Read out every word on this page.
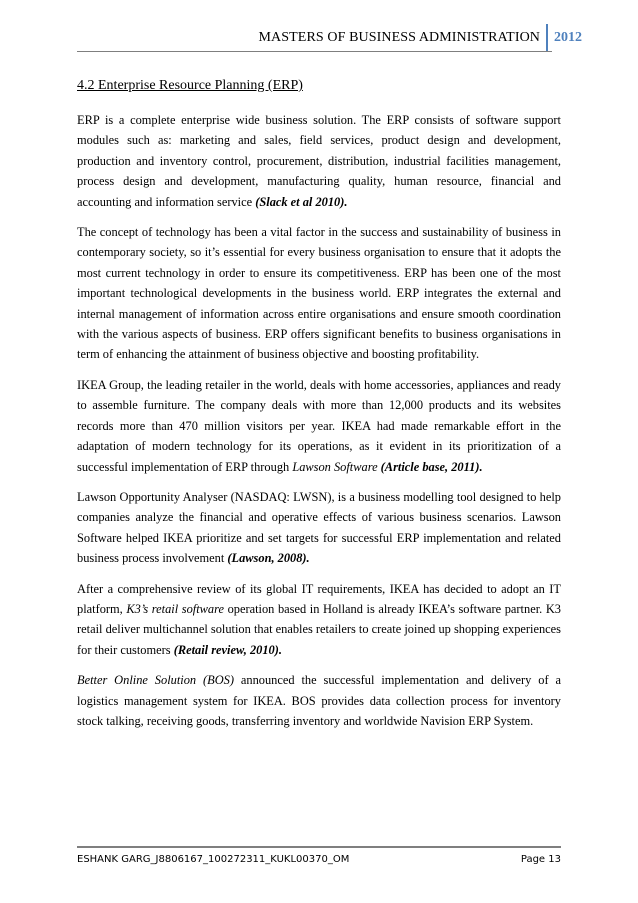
MASTERS OF BUSINESS ADMINISTRATION	2012
4.2 Enterprise Resource Planning (ERP)

ERP is a complete enterprise wide business solution. The ERP consists of software support modules such as: marketing and sales, field services, product design and development, production and inventory control, procurement, distribution, industrial facilities management, process design and development, manufacturing quality, human resource, financial and accounting and information service (Slack et al 2010).

The concept of technology has been a vital factor in the success and sustainability of business in contemporary society, so it’s essential for every business organisation to ensure that it adopts the most current technology in order to ensure its competitiveness. ERP has been one of the most important technological developments in the business world. ERP integrates the external and internal management of information across entire organisations and ensure smooth coordination with the various aspects of business. ERP offers significant benefits to business organisations in term of enhancing the attainment of business objective and boosting profitability.

IKEA Group, the leading retailer in the world, deals with home accessories, appliances and ready to assemble furniture. The company deals with more than 12,000 products and its websites records more than 470 million visitors per year. IKEA had made remarkable effort in the adaptation of modern technology for its operations, as it evident in its prioritization of a successful implementation of ERP through Lawson Software (Article base, 2011).

Lawson Opportunity Analyser (NASDAQ: LWSN), is a business modelling tool designed to help companies analyze the financial and operative effects of various business scenarios. Lawson Software helped IKEA prioritize and set targets for successful ERP implementation and related business process involvement (Lawson, 2008).

After a comprehensive review of its global IT requirements, IKEA has decided to adopt an IT platform, K3’s retail software operation based in Holland is already IKEA’s software partner. K3 retail deliver multichannel solution that enables retailers to create joined up shopping experiences for their customers (Retail review, 2010).

Better Online Solution (BOS) announced the successful implementation and delivery of a logistics management system for IKEA. BOS provides data collection process for inventory stock talking, receiving goods, transferring inventory and worldwide Navision ERP System.

ESHANK GARG_J8806167_100272311_KUKL00370_OM	Page 13
